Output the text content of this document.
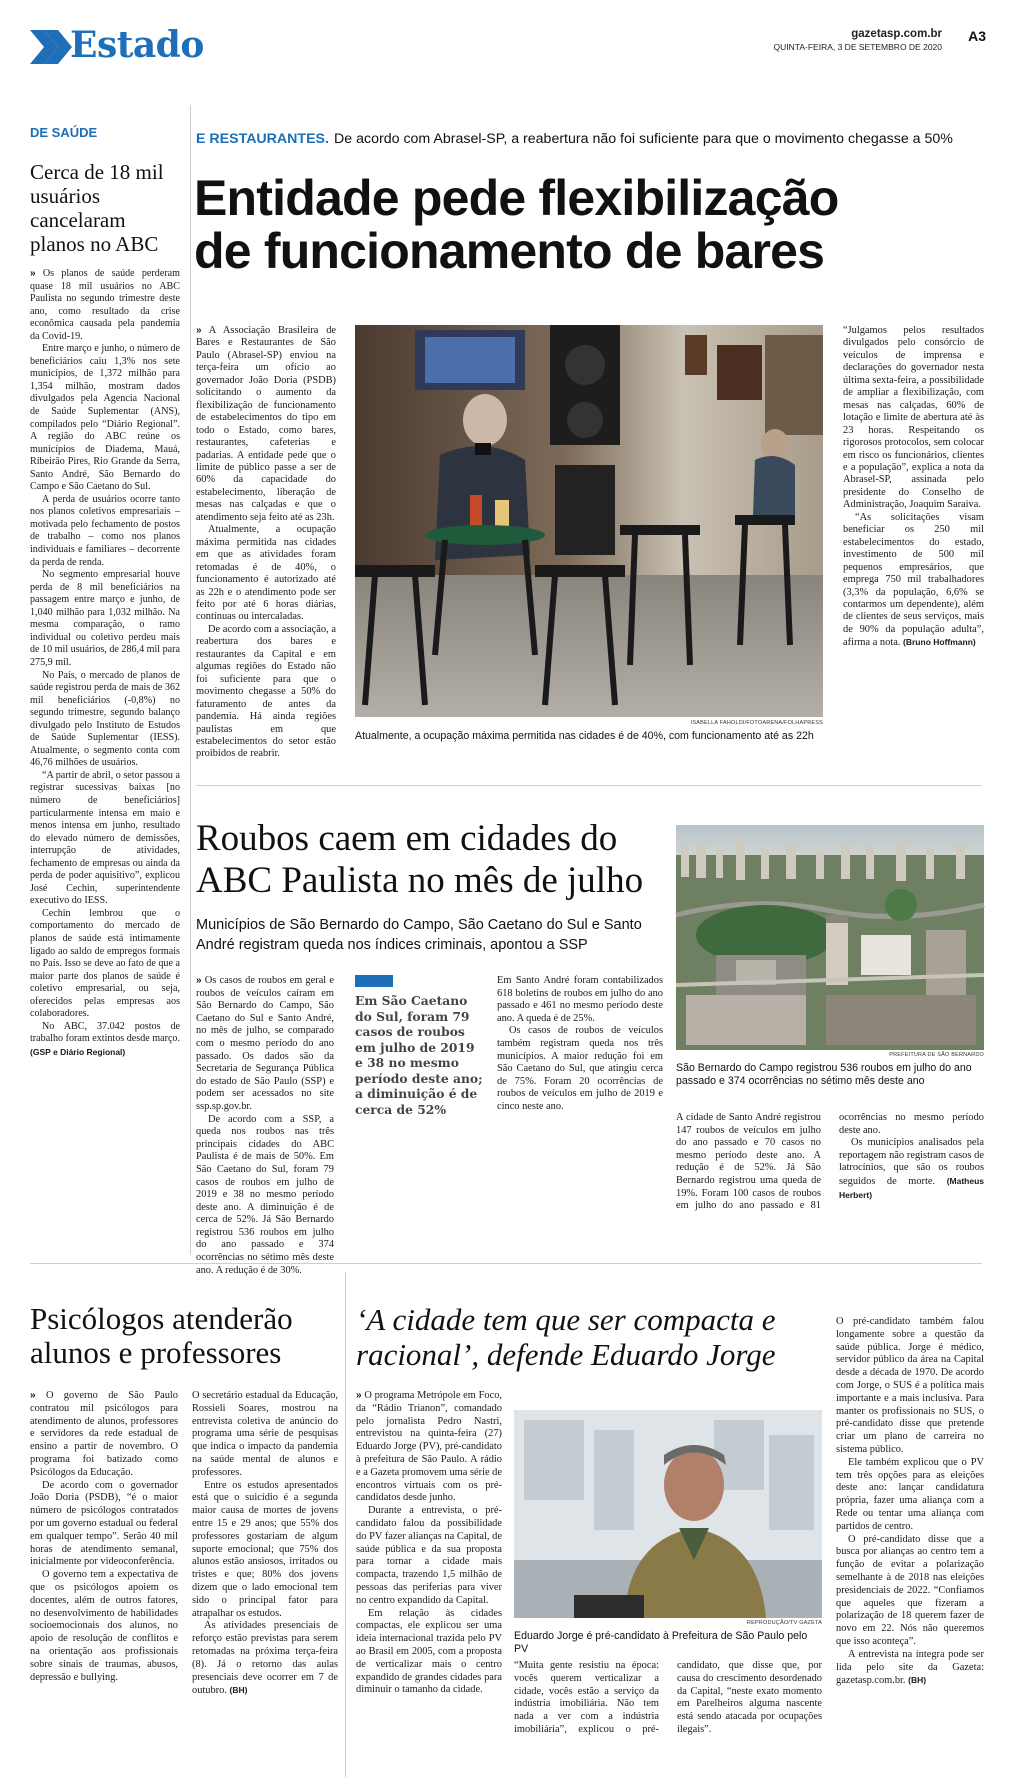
Estado	gazetasp.com.br A3
QUINTA-FEIRA, 3 DE SETEMBRO DE 2020
DE SAÚDE
Cerca de 18 mil usuários cancelaram planos no ABC

» Os planos de saúde perderam quase 18 mil usuários no ABC Paulista no segundo trimestre deste ano, como resultado da crise econômica causada pela pandemia da Covid-19.

Entre março e junho, o número de beneficiários caiu 1,3% nos sete municípios, de 1,372 milhão para 1,354 milhão, mostram dados divulgados pela Agencia Nacional de Saúde Suplementar (ANS), compilados pelo “Diário Regional”. A região do ABC reúne os municípios de Diadema, Mauá, Ribeirão Pires, Rio Grande da Serra, Santo André, São Bernardo do Campo e São Caetano do Sul.

A perda de usuários ocorre tanto nos planos coletivos empresariais – motivada pelo fechamento de postos de trabalho – como nos planos individuais e familiares – decorrente da perda de renda.

No segmento empresarial houve perda de 8 mil beneficiários na passagem entre março e junho, de 1,040 milhão para 1,032 milhão. Na mesma comparação, o ramo individual ou coletivo perdeu mais de 10 mil usuários, de 286,4 mil para 275,9 mil.

No País, o mercado de planos de saúde registrou perda de mais de 362 mil beneficiários (-0,8%) no segundo trimestre, segundo balanço divulgado pelo Instituto de Estudos de Saúde Suplementar (IESS). Atualmente, o segmento conta com 46,76 milhões de usuários.

“A partir de abril, o setor passou a registrar sucessivas baixas [no número de beneficiários] particularmente intensa em maio e menos intensa em junho, resultado do elevado número de demissões, interrupção de atividades, fechamento de empresas ou ainda da perda de poder aquisitivo”, explicou José Cechin, superintendente executivo do IESS.

Cechin lembrou que o comportamento do mercado de planos de saúde está intimamente ligado ao saldo de empregos formais no País. Isso se deve ao fato de que a maior parte dos planos de saúde é coletivo empresarial, ou seja, oferecidos pelas empresas aos colaboradores.

No ABC, 37.042 postos de trabalho foram extintos desde março. (GSP e Diário Regional)

E RESTAURANTES. De acordo com Abrasel-SP, a reabertura não foi suficiente para que o movimento chegasse a 50%
Entidade pede flexibilização
de funcionamento de bares

» A Associação Brasileira de Bares e Restaurantes de São Paulo (Abrasel-SP) enviou na terça-feira um ofício ao governador João Doria (PSDB) solicitando o aumento da flexibilização de funcionamento de estabelecimentos do tipo em todo o Estado, como bares, restaurantes, cafeterias e padarias. A entidade pede que o limite de público passe a ser de 60% da capacidade do estabelecimento, liberação de mesas nas calçadas e que o atendimento seja feito até as 23h.

Atualmente, a ocupação máxima permitida nas cidades em que as atividades foram retomadas é de 40%, o funcionamento é autorizado até as 22h e o atendimento pode ser feito por até 6 horas diárias, contínuas ou intercaladas.

De acordo com a associação, a reabertura dos bares e restaurantes da Capital e em algumas regiões do Estado não foi suficiente para que o movimento chegasse a 50% do faturamento de antes da pandemia. Há ainda regiões paulistas em que estabelecimentos do setor estão proibidos de reabrir.

ISABELLA FAHOLDI/FOTOARENA/FOLHAPRESS
Atualmente, a ocupação máxima permitida nas cidades é de 40%, com funcionamento até as 22h

“Julgamos pelos resultados divulgados pelo consórcio de veículos de imprensa e declarações do governador nesta última sexta-feira, a possibilidade de ampliar a flexibilização, com mesas nas calçadas, 60% de lotação e limite de abertura até às 23 horas. Respeitando os rigorosos protocolos, sem colocar em risco os funcionários, clientes e a população”, explica a nota da Abrasel-SP, assinada pelo presidente do Conselho de Administração, Joaquim Saraiva.

“As solicitações visam beneficiar os 250 mil estabelecimentos do estado, investimento de 500 mil pequenos empresários, que emprega 750 mil trabalhadores (3,3% da população, 6,6% se contarmos um dependente), além de clientes de seus serviços, mais de 90% da população adulta”, afirma a nota. (Bruno Hoffmann)

Roubos caem em cidades do
ABC Paulista no mês de julho
Municípios de São Bernardo do Campo, São Caetano do Sul e Santo André registram queda nos índices criminais, apontou a SSP

» Os casos de roubos em geral e roubos de veículos caíram em São Bernardo do Campo, São Caetano do Sul e Santo André, no mês de julho, se comparado com o mesmo período do ano passado. Os dados são da Secretaria de Segurança Pública do estado de São Paulo (SSP) e podem ser acessados no site ssp.sp.gov.br.

De acordo com a SSP, a queda nos roubos nas três principais cidades do ABC Paulista é de mais de 50%. Em São Caetano do Sul, foram 79 casos de roubos em julho de 2019 e 38 no mesmo período deste ano. A diminuição é de cerca de 52%. Já São Bernardo registrou 536 roubos em julho do ano passado e 374 ocorrências no sétimo mês deste ano. A redução é de 30%.

Em São Caetano do Sul, foram 79 casos de roubos em julho de 2019 e 38 no mesmo período deste ano; a diminuição é de cerca de 52%

Em Santo André foram contabilizados 618 boletins de roubos em julho do ano passado e 461 no mesmo período deste ano. A queda é de 25%.

Os casos de roubos de veículos também registram queda nos três municípios. A maior redução foi em São Caetano do Sul, que atingiu cerca de 75%. Foram 20 ocorrências de roubos de veículos em julho de 2019 e cinco neste ano.

PREFEITURA DE SÃO BERNARDO
São Bernardo do Campo registrou 536 roubos em julho do ano passado e 374 ocorrências no sétimo mês deste ano

A cidade de Santo André registrou 147 roubos de veículos em julho do ano passado e 70 casos no mesmo período deste ano. A redução é de 52%. Já São Bernardo registrou uma queda de 19%. Foram 100 casos de roubos em julho do ano passado e 81 ocorrências no mesmo período deste ano.

Os municípios analisados pela reportagem não registram casos de latrocínios, que são os roubos seguidos de morte. (Matheus Herbert)

Psicólogos atenderão alunos e professores

» O governo de São Paulo contratou mil psicólogos para atendimento de alunos, professores e servidores da rede estadual de ensino a partir de novembro. O programa foi batizado como Psicólogos da Educação.

De acordo com o governador João Doria (PSDB), “é o maior número de psicólogos contratados por um governo estadual ou federal em qualquer tempo”. Serão 40 mil horas de atendimento semanal, inicialmente por videoconferência.

O governo tem a expectativa de que os psicólogos apoiem os docentes, além de outros fatores, no desenvolvimento de habilidades socioemocionais dos alunos, no apoio de resolução de conflitos e na orientação aos profissionais sobre sinais de traumas, abusos, depressão e bullying.

O secretário estadual da Educação, Rossieli Soares, mostrou na entrevista coletiva de anúncio do programa uma série de pesquisas que indica o impacto da pandemia na saúde mental de alunos e professores.

Entre os estudos apresentados está que o suicídio é a segunda maior causa de mortes de jovens entre 15 e 29 anos; que 55% dos professores gostariam de algum suporte emocional; que 75% dos alunos estão ansiosos, irritados ou tristes e que; 80% dos jovens dizem que o lado emocional tem sido o principal fator para atrapalhar os estudos.

As atividades presenciais de reforço estão previstas para serem retomadas na próxima terça-feira (8). Já o retorno das aulas presenciais deve ocorrer em 7 de outubro. (BH)

‘A cidade tem que ser compacta e
racional’, defende Eduardo Jorge

» O programa Metrópole em Foco, da “Rádio Trianon”, comandado pelo jornalista Pedro Nastri, entrevistou na quinta-feira (27) Eduardo Jorge (PV), pré-candidato à prefeitura de São Paulo. A rádio e a Gazeta promovem uma série de encontros virtuais com os pré-candidatos desde junho.

Durante a entrevista, o pré-candidato falou da possibilidade do PV fazer alianças na Capital, de saúde pública e da sua proposta para tornar a cidade mais compacta, trazendo 1,5 milhão de pessoas das periferias para viver no centro expandido da Capital.

Em relação às cidades compactas, ele explicou ser uma ideia internacional trazida pelo PV ao Brasil em 2005, com a proposta de verticalizar mais o centro expandido de grandes cidades para diminuir o tamanho da cidade.

REPRODUÇÃO/TV GAZETA
Eduardo Jorge é pré-candidato à Prefeitura de São Paulo pelo PV

“Muita gente resistiu na época: vocês querem verticalizar a cidade, vocês estão a serviço da indústria imobiliária. Não tem nada a ver com a indústria imobiliária”, explicou o pré-candidato, que disse que, por causa do crescimento desordenado da Capital, “neste exato momento em Parelheiros alguma nascente está sendo atacada por ocupações ilegais”.

O pré-candidato também falou longamente sobre a questão da saúde pública. Jorge é médico, servidor público da área na Capital desde a década de 1970. De acordo com Jorge, o SUS é a política mais importante e a mais inclusiva. Para manter os profissionais no SUS, o pré-candidato disse que pretende criar um plano de carreira no sistema público.

Ele também explicou que o PV tem três opções para as eleições deste ano: lançar candidatura própria, fazer uma aliança com a Rede ou tentar uma aliança com partidos de centro.

O pré-candidato disse que a busca por alianças ao centro tem a função de evitar a polarização semelhante à de 2018 nas eleições presidenciais de 2022. “Confiamos que aqueles que fizeram a polarização de 18 querem fazer de novo em 22. Nós não queremos que isso aconteça”.

A entrevista na íntegra pode ser lida pelo site da Gazeta: gazetasp.com.br. (BH)
